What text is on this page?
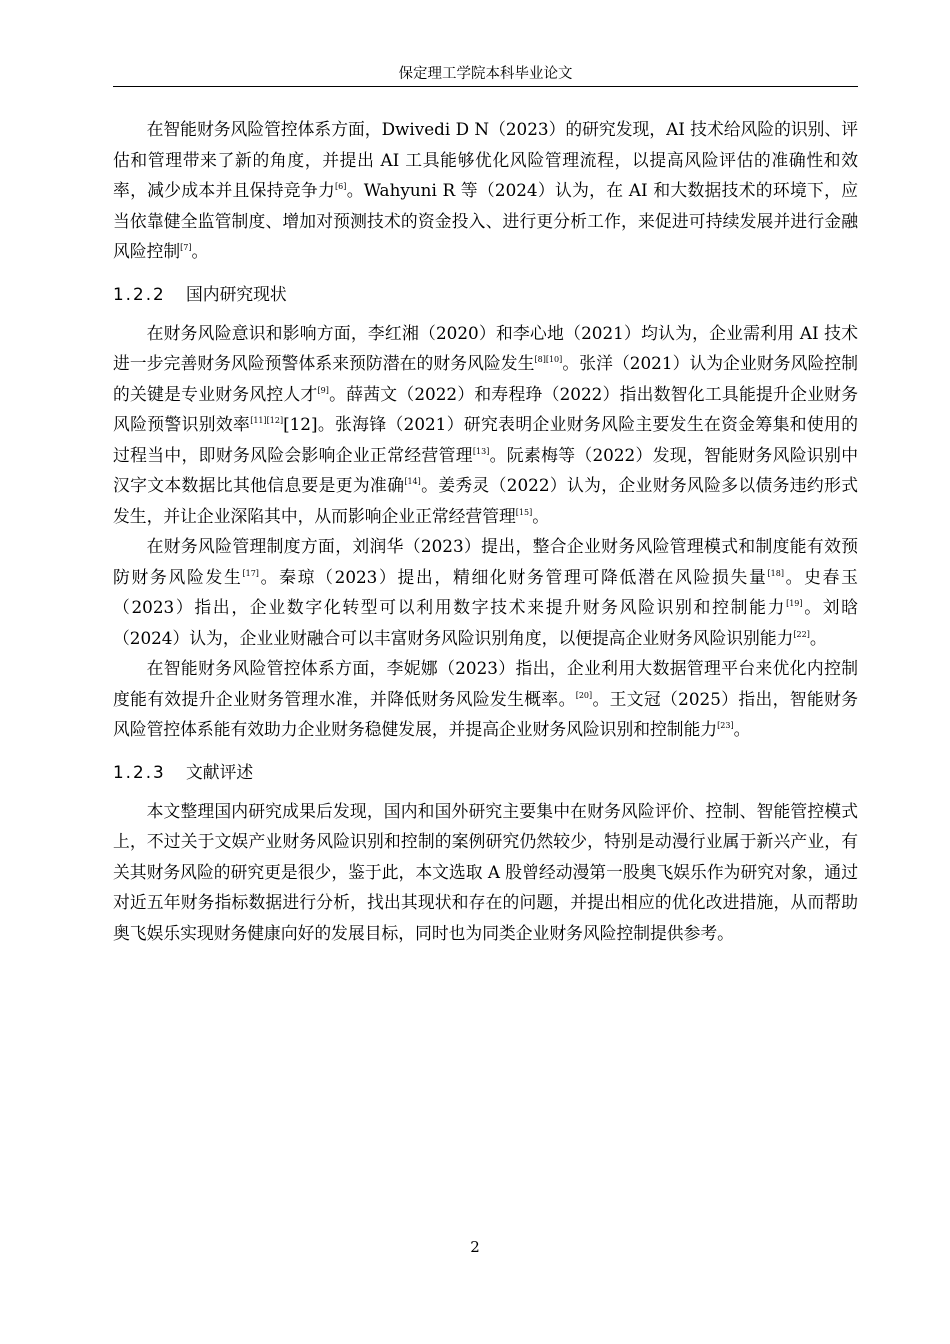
保定理工学院本科毕业论文

在智能财务风险管控体系方面，Dwivedi D N（2023）的研究发现，AI 技术给风险的识别、评估和管理带来了新的角度，并提出 AI 工具能够优化风险管理流程，以提高风险评估的准确性和效率，减少成本并且保持竞争力[6]。Wahyuni R 等（2024）认为，在 AI 和大数据技术的环境下，应当依靠健全监管制度、增加对预测技术的资金投入、进行更分析工作，来促进可持续发展并进行金融风险控制[7]。

1.2.2 国内研究现状

在财务风险意识和影响方面，李红湘（2020）和李心地（2021）均认为，企业需利用 AI 技术进一步完善财务风险预警体系来预防潜在的财务风险发生[8][10]。张洋（2021）认为企业财务风险控制的关键是专业财务风控人才[9]。薛茜文（2022）和寿程琤（2022）指出数智化工具能提升企业财务风险预警识别效率[11][12][12]。张海锋（2021）研究表明企业财务风险主要发生在资金筹集和使用的过程当中，即财务风险会影响企业正常经营管理[13]。阮素梅等（2022）发现，智能财务风险识别中汉字文本数据比其他信息要是更为准确[14]。姜秀灵（2022）认为，企业财务风险多以债务违约形式发生，并让企业深陷其中，从而影响企业正常经营管理[15]。

在财务风险管理制度方面，刘润华（2023）提出，整合企业财务风险管理模式和制度能有效预防财务风险发生[17]。秦琼（2023）提出，精细化财务管理可降低潜在风险损失量[18]。史春玉（2023）指出，企业数字化转型可以利用数字技术来提升财务风险识别和控制能力[19]。刘晗（2024）认为，企业业财融合可以丰富财务风险识别角度，以便提高企业财务风险识别能力[22]。

在智能财务风险管控体系方面，李妮娜（2023）指出，企业利用大数据管理平台来优化内控制度能有效提升企业财务管理水准，并降低财务风险发生概率。[20]。王文冠（2025）指出，智能财务风险管控体系能有效助力企业财务稳健发展，并提高企业财务风险识别和控制能力[23]。

1.2.3 文献评述

本文整理国内研究成果后发现，国内和国外研究主要集中在财务风险评价、控制、智能管控模式上，不过关于文娱产业财务风险识别和控制的案例研究仍然较少，特别是动漫行业属于新兴产业，有关其财务风险的研究更是很少，鉴于此，本文选取 A 股曾经动漫第一股奥飞娱乐作为研究对象，通过对近五年财务指标数据进行分析，找出其现状和存在的问题，并提出相应的优化改进措施，从而帮助奥飞娱乐实现财务健康向好的发展目标，同时也为同类企业财务风险控制提供参考。

2
